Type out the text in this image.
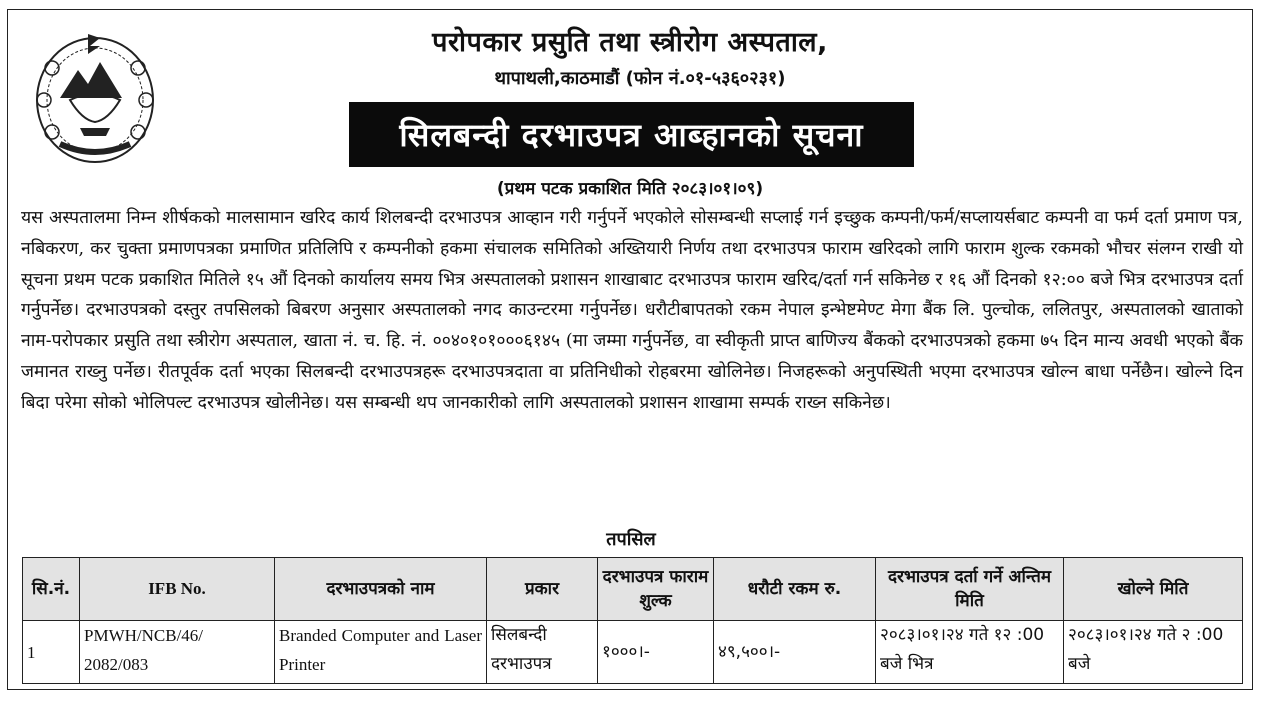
परोपकार प्रसुति तथा स्त्रीरोग अस्पताल,
थापाथली,काठमाडौं (फोन नं.०१-५३६०२३१)
सिलबन्दी दरभाउपत्र आब्हानको सूचना
(प्रथम पटक प्रकाशित मिति २०८३।०१।०९)
यस अस्पतालमा निम्न शीर्षकको मालसामान खरिद कार्य शिलबन्दी दरभाउपत्र आव्हान गरी गर्नुपर्ने भएकोले सोसम्बन्धी सप्लाई गर्न इच्छुक कम्पनी/फर्म/सप्लायर्सबाट कम्पनी वा फर्म दर्ता प्रमाण पत्र, नबिकरण, कर चुक्ता प्रमाणपत्रका प्रमाणित प्रतिलिपि र कम्पनीको हकमा संचालक समितिको अख्तियारी निर्णय तथा दरभाउपत्र फाराम खरिदको लागि फाराम शुल्क रकमको भौचर संलग्न राखी यो सूचना प्रथम पटक प्रकाशित मितिले १५ औं दिनको कार्यालय समय भित्र अस्पतालको प्रशासन शाखाबाट दरभाउपत्र फाराम खरिद/दर्ता गर्न सकिनेछ र १६ औं दिनको १२:०० बजे भित्र दरभाउपत्र दर्ता गर्नुपर्नेछ। दरभाउपत्रको दस्तुर तपसिलको बिबरण अनुसार अस्पतालको नगद काउन्टरमा गर्नुपर्नेछ। धरौटीबापतको रकम नेपाल इन्भेष्टमेण्ट मेगा बैंक लि. पुल्चोक, ललितपुर, अस्पतालको खाताको नाम-परोपकार प्रसुति तथा स्त्रीरोग अस्पताल, खाता नं. च. हि. नं. ००४०१०१०००६१४५ (मा जम्मा गर्नुपर्नेछ, वा स्वीकृती प्राप्त बाणिज्य बैंकको दरभाउपत्रको हकमा ७५ दिन मान्य अवधी भएको बैंक जमानत राख्नु पर्नेछ। रीतपूर्वक दर्ता भएका सिलबन्दी दरभाउपत्रहरू दरभाउपत्रदाता वा प्रतिनिधीको रोहबरमा खोलिनेछ। निजहरूको अनुपस्थिती भएमा दरभाउपत्र खोल्न बाधा पर्नेछैन। खोल्ने दिन बिदा परेमा सोको भोलिपल्ट दरभाउपत्र खोलीनेछ। यस सम्बन्धी थप जानकारीको लागि अस्पतालको प्रशासन शाखामा सम्पर्क राख्न सकिनेछ।
तपसिल
सि.नं.	IFB No.	दरभाउपत्रको नाम	प्रकार	दरभाउपत्र फाराम शुल्क	धरौटी रकम रु.	दरभाउपत्र दर्ता गर्ने अन्तिम मिति	खोल्ने मिति
1	PMWH/NCB/46/ 2082/083	Branded Computer and Laser Printer	सिलबन्दी दरभाउपत्र	१०००।-	४९,५००।-	२०८३।०१।२४ गते १२ :00 बजे भित्र	२०८३।०१।२४ गते २ :00 बजे
